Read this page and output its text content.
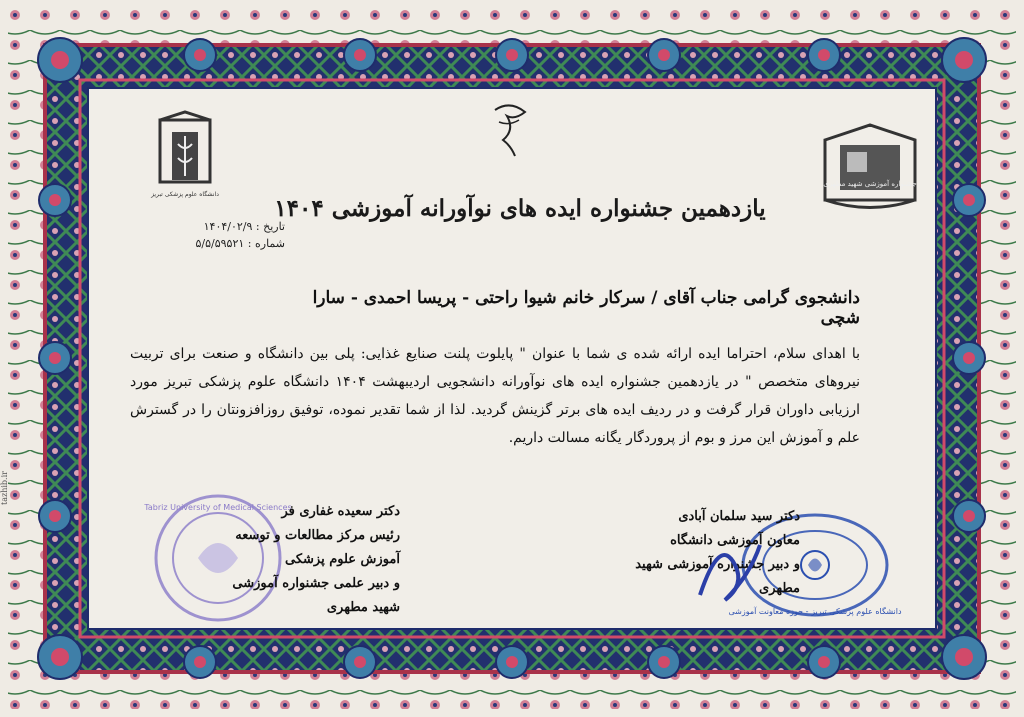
دانشگاه علوم پزشکی تبریز
جشنواره آموزشی شهید مطهری
یازدهمین جشنواره ایده های نوآورانه آموزشی ۱۴۰۴
تاریخ : ۱۴۰۴/۰۲/۹
شماره : ۵/۵/۵۹۵۲۱
دانشجوی گرامی جناب آقای / سرکار خانم شیوا راحتی - پریسا احمدی - سارا شچی
با اهدای سلام، احتراما ایده ارائه شده ی شما با عنوان " پایلوت پلنت صنایع غذایی: پلی بین دانشگاه و صنعت برای تربیت نیروهای متخصص " در یازدهمین جشنواره ایده های نوآورانه دانشجویی اردیبهشت ۱۴۰۴ دانشگاه علوم پزشکی تبریز مورد ارزیابی داوران قرار گرفت و در ردیف ایده های برتر گزینش گردید. لذا از شما تقدیر نموده، توفیق روزافزونتان را در گسترش علم و آموزش این مرز و بوم از پروردگار یگانه مسالت داریم.
Tabriz University of Medical Sciences
دانشگاه علوم پزشکی تبریز - حوزه معاونت آموزشی
دکتر سعیده غفاری فر
رئیس مرکز مطالعات و توسعه آموزش علوم پزشکی
و دبیر علمی جشنواره آموزشی شهید مطهری
دکتر سید سلمان آبادی
معاون آموزشی دانشگاه
و دبیر جشنواره آموزشی شهید مطهری
tazhib.ir
